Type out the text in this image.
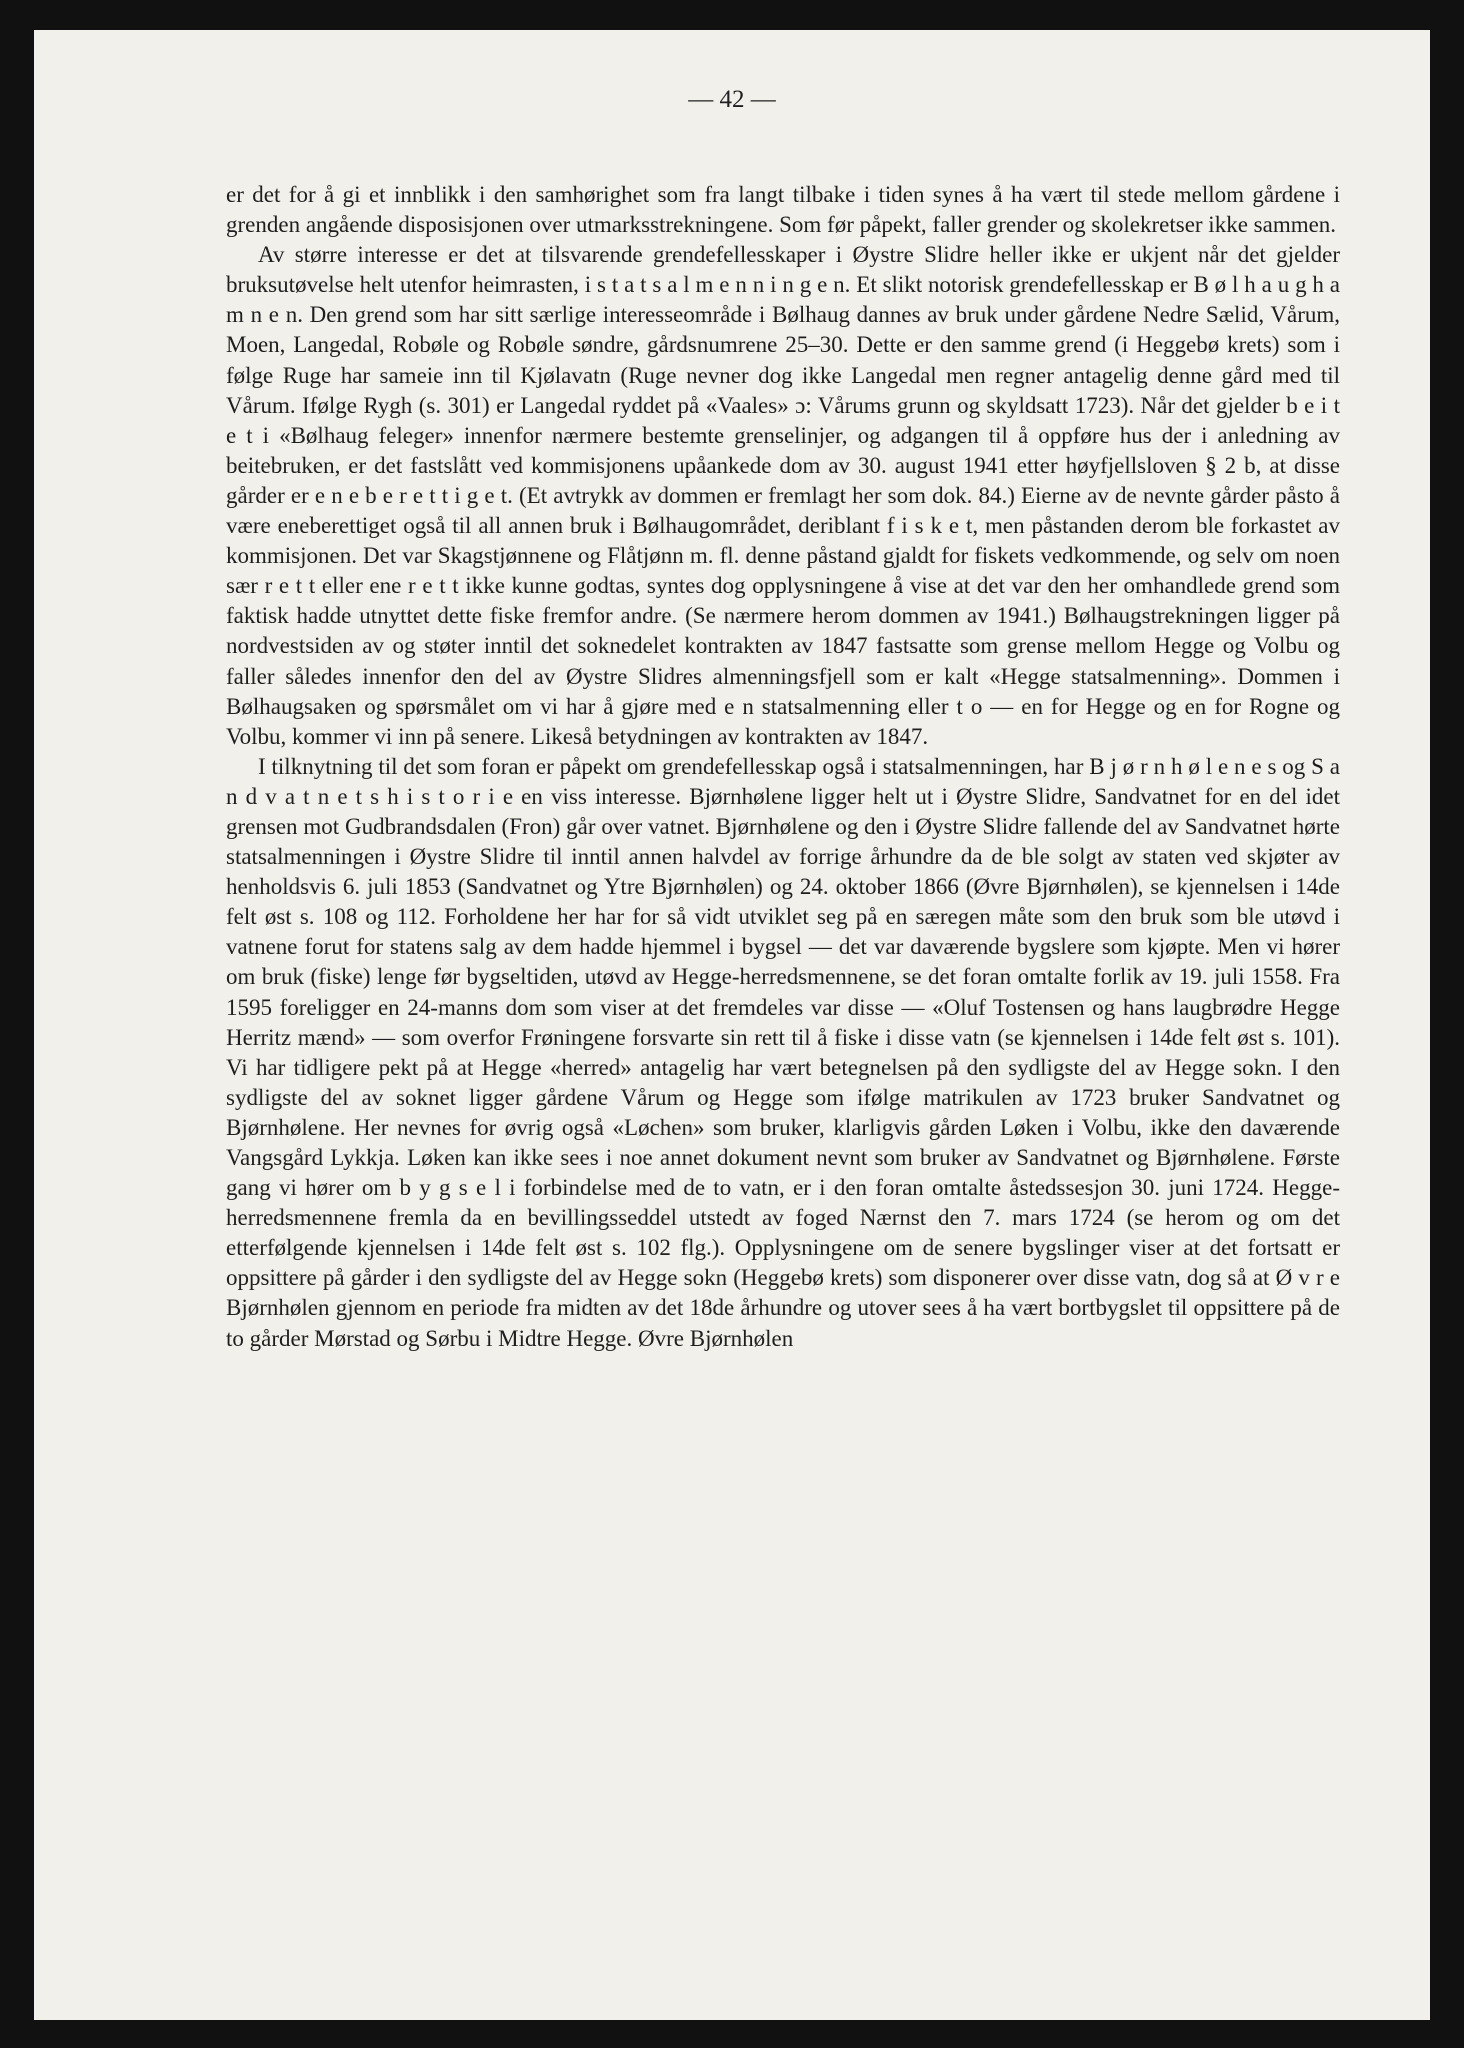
— 42 —

er det for å gi et innblikk i den samhørighet som fra langt tilbake i tiden synes å ha vært til stede mellom gårdene i grenden angående disposisjonen over utmarksstrekningene. Som før påpekt, faller grender og skolekretser ikke sammen.

Av større interesse er det at tilsvarende grendefellesskaper i Øystre Slidre heller ikke er ukjent når det gjelder bruksutøvelse helt utenfor heimrasten, i s t a t s a l m e n n i n g e n. Et slikt notorisk grendefellesskap er B ø l h a u g h a m n e n. Den grend som har sitt særlige interesseområde i Bølhaug dannes av bruk under gårdene Nedre Sælid, Vårum, Moen, Langedal, Robøle og Robøle søndre, gårdsnumrene 25–30. Dette er den samme grend (i Heggebø krets) som i følge Ruge har sameie inn til Kjølavatn (Ruge nevner dog ikke Langedal men regner antagelig denne gård med til Vårum. Ifølge Rygh (s. 301) er Langedal ryddet på «Vaales» ɔ: Vårums grunn og skyldsatt 1723). Når det gjelder b e i t e t i «Bølhaug feleger» innenfor nærmere bestemte grenselinjer, og adgangen til å oppføre hus der i anledning av beitebruken, er det fastslått ved kommisjonens upåankede dom av 30. august 1941 etter høyfjellsloven § 2 b, at disse gårder er e n e b e r e t t i g e t. (Et avtrykk av dommen er fremlagt her som dok. 84.) Eierne av de nevnte gårder påsto å være eneberettiget også til all annen bruk i Bølhaugområdet, deriblant f i s k e t, men påstanden derom ble forkastet av kommisjonen. Det var Skagstjønnene og Flåtjønn m. fl. denne påstand gjaldt for fiskets vedkommende, og selv om noen sær r e t t eller ene r e t t ikke kunne godtas, syntes dog opplysningene å vise at det var den her omhandlede grend som faktisk hadde utnyttet dette fiske fremfor andre. (Se nærmere herom dommen av 1941.) Bølhaugstrekningen ligger på nordvestsiden av og støter inntil det soknedelet kontrakten av 1847 fastsatte som grense mellom Hegge og Volbu og faller således innenfor den del av Øystre Slidres almenningsfjell som er kalt «Hegge statsalmenning». Dommen i Bølhaugsaken og spørsmålet om vi har å gjøre med e n statsalmenning eller t o — en for Hegge og en for Rogne og Volbu, kommer vi inn på senere. Likeså betydningen av kontrakten av 1847.

I tilknytning til det som foran er påpekt om grendefellesskap også i statsalmenningen, har B j ø r n h ø l e n e s og S a n d v a t n e t s h i s t o r i e en viss interesse. Bjørnhølene ligger helt ut i Øystre Slidre, Sandvatnet for en del idet grensen mot Gudbrandsdalen (Fron) går over vatnet. Bjørnhølene og den i Øystre Slidre fallende del av Sandvatnet hørte statsalmenningen i Øystre Slidre til inntil annen halvdel av forrige århundre da de ble solgt av staten ved skjøter av henholdsvis 6. juli 1853 (Sandvatnet og Ytre Bjørnhølen) og 24. oktober 1866 (Øvre Bjørnhølen), se kjennelsen i 14de felt øst s. 108 og 112. Forholdene her har for så vidt utviklet seg på en særegen måte som den bruk som ble utøvd i vatnene forut for statens salg av dem hadde hjemmel i bygsel — det var daværende bygslere som kjøpte. Men vi hører om bruk (fiske) lenge før bygseltiden, utøvd av Hegge-herredsmennene, se det foran omtalte forlik av 19. juli 1558. Fra 1595 foreligger en 24-manns dom som viser at det fremdeles var disse — «Oluf Tostensen og hans laugbrødre Hegge Herritz mænd» — som overfor Frøningene forsvarte sin rett til å fiske i disse vatn (se kjennelsen i 14de felt øst s. 101). Vi har tidligere pekt på at Hegge «herred» antagelig har vært betegnelsen på den sydligste del av Hegge sokn. I den sydligste del av soknet ligger gårdene Vårum og Hegge som ifølge matrikulen av 1723 bruker Sandvatnet og Bjørnhølene. Her nevnes for øvrig også «Løchen» som bruker, klarligvis gården Løken i Volbu, ikke den daværende Vangsgård Lykkja. Løken kan ikke sees i noe annet dokument nevnt som bruker av Sandvatnet og Bjørnhølene. Første gang vi hører om b y g s e l i forbindelse med de to vatn, er i den foran omtalte åstedssesjon 30. juni 1724. Hegge-herredsmennene fremla da en bevillingsseddel utstedt av foged Nærnst den 7. mars 1724 (se herom og om det etterfølgende kjennelsen i 14de felt øst s. 102 flg.). Opplysningene om de senere bygslinger viser at det fortsatt er oppsittere på gårder i den sydligste del av Hegge sokn (Heggebø krets) som disponerer over disse vatn, dog så at Ø v r e Bjørnhølen gjennom en periode fra midten av det 18de århundre og utover sees å ha vært bortbygslet til oppsittere på de to gårder Mørstad og Sørbu i Midtre Hegge. Øvre Bjørnhølen
